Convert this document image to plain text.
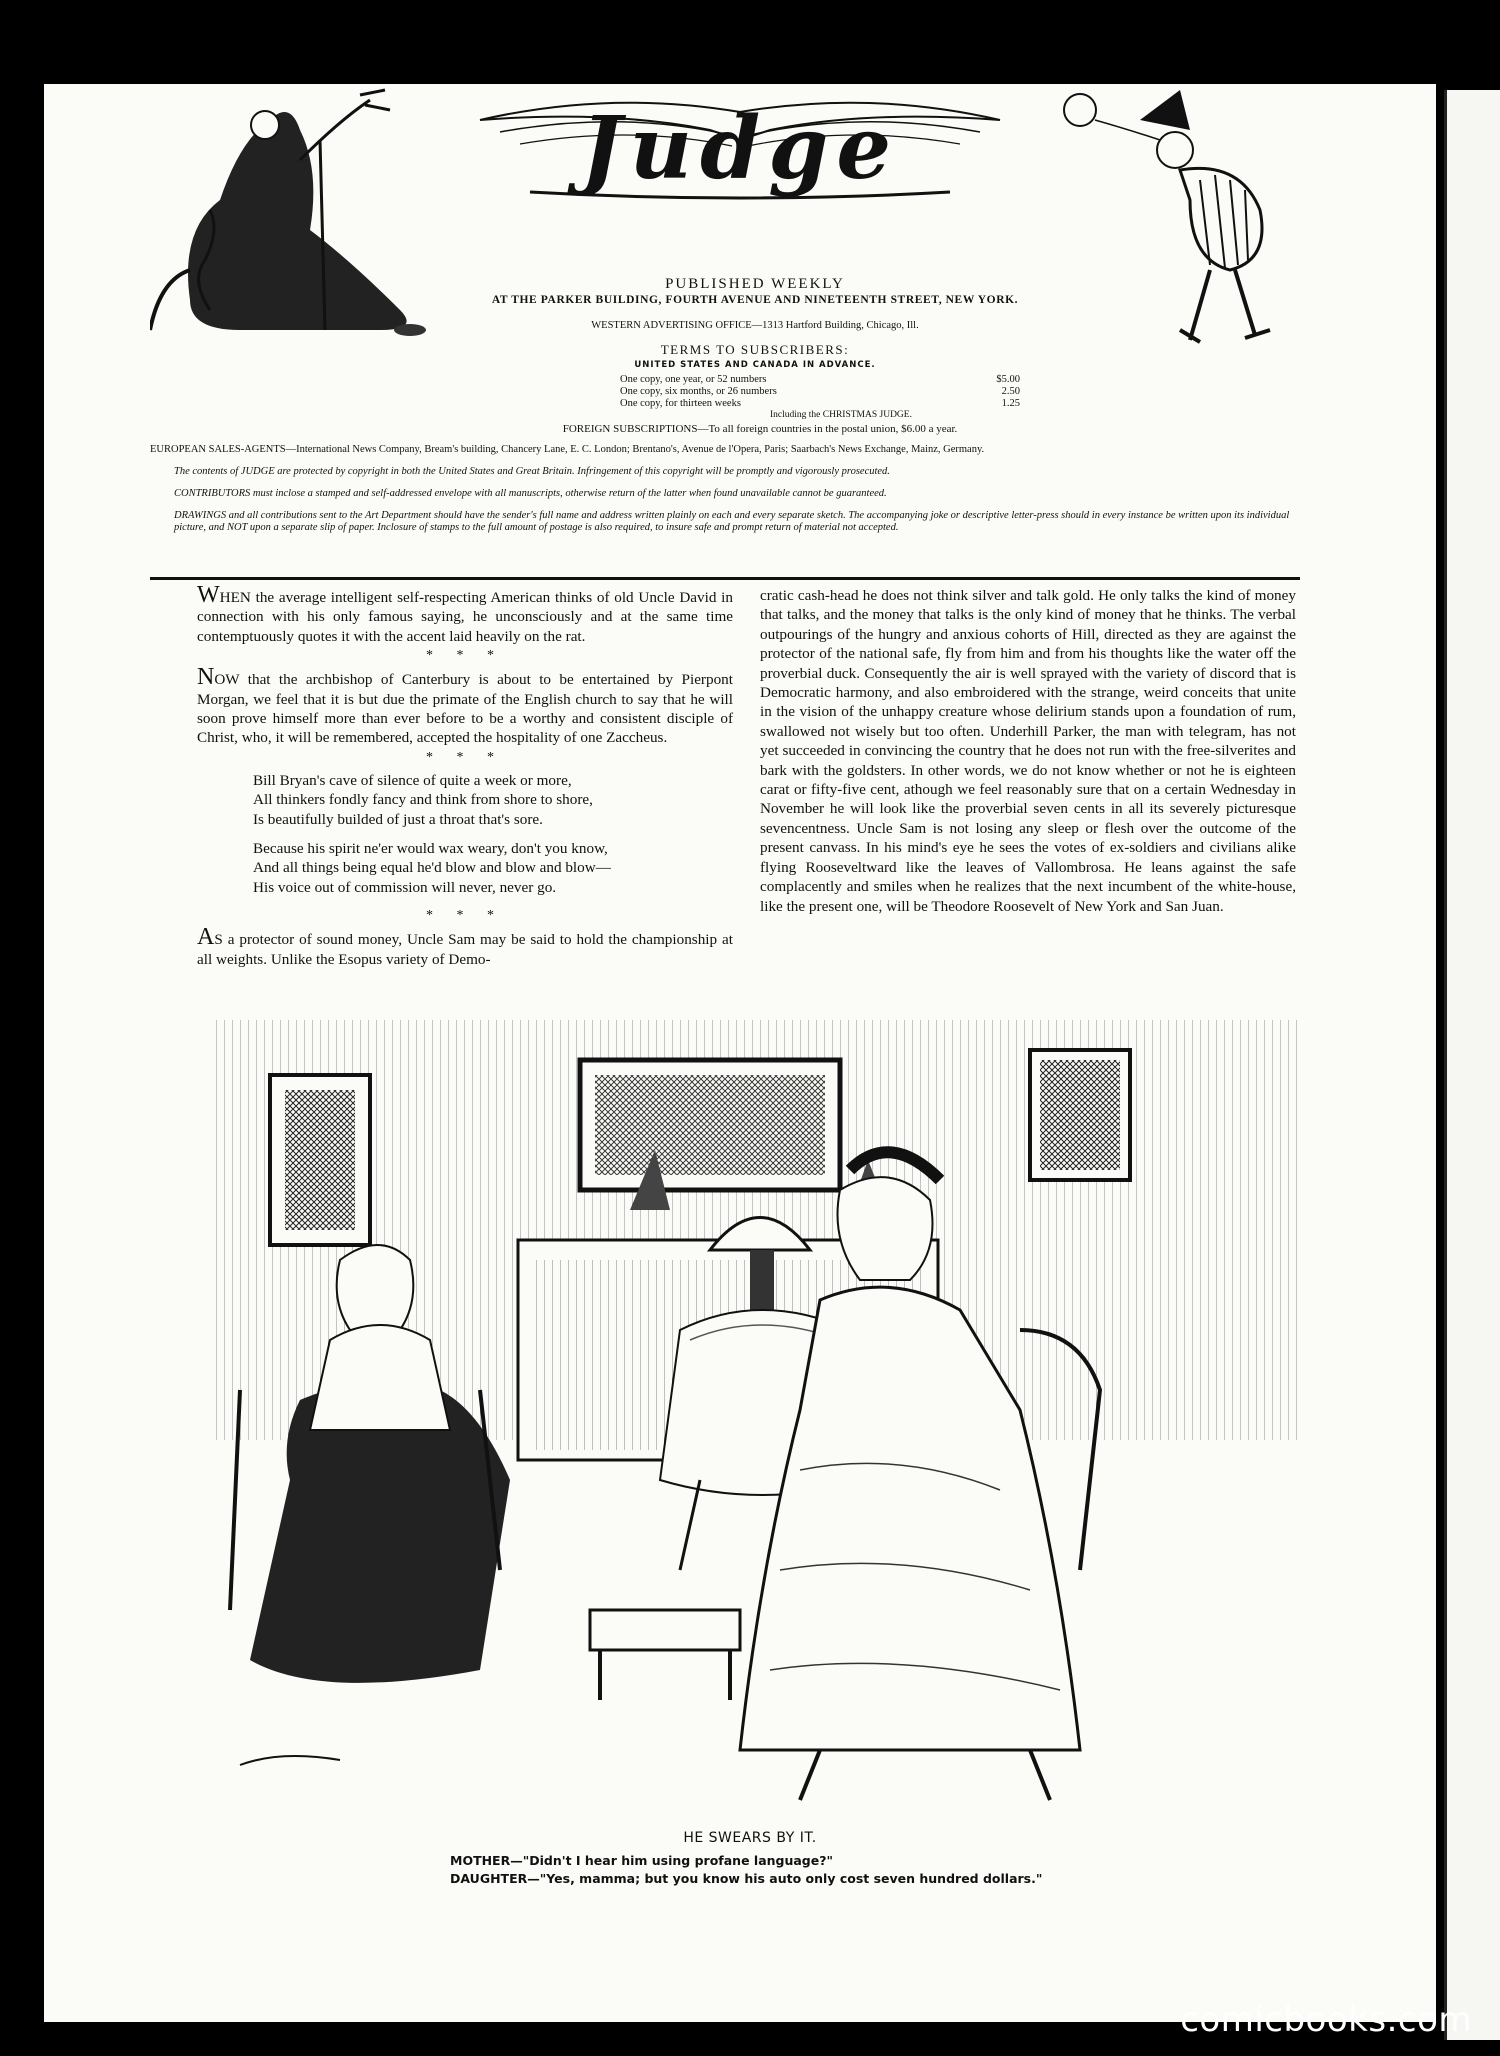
Judge
PUBLISHED WEEKLY
AT THE PARKER BUILDING, FOURTH AVENUE AND NINETEENTH STREET, NEW YORK.
WESTERN ADVERTISING OFFICE—1313 Hartford Building, Chicago, Ill.
TERMS TO SUBSCRIBERS:
UNITED STATES AND CANADA IN ADVANCE.
One copy, one year, or 52 numbers	$5.00
One copy, six months, or 26 numbers	2.50
One copy, for thirteen weeks	1.25
Including the CHRISTMAS JUDGE.
FOREIGN SUBSCRIPTIONS—To all foreign countries in the postal union, $6.00 a year.
EUROPEAN SALES-AGENTS—International News Company, Bream's building, Chancery Lane, E. C. London; Brentano's, Avenue de l'Opera, Paris; Saarbach's News Exchange, Mainz, Germany.
The contents of JUDGE are protected by copyright in both the United States and Great Britain. Infringement of this copyright will be promptly and vigorously prosecuted.
CONTRIBUTORS must inclose a stamped and self-addressed envelope with all manuscripts, otherwise return of the latter when found unavailable cannot be guaranteed.
DRAWINGS and all contributions sent to the Art Department should have the sender's full name and address written plainly on each and every separate sketch. The accompanying joke or descriptive letter-press should in every instance be written upon its individual picture, and NOT upon a separate slip of paper. Inclosure of stamps to the full amount of postage is also required, to insure safe and prompt return of material not accepted.

WHEN the average intelligent self-respecting American thinks of old Uncle David in connection with his only famous saying, he unconsciously and at the same time contemptuously quotes it with the accent laid heavily on the rat.

* * *

NOW that the archbishop of Canterbury is about to be entertained by Pierpont Morgan, we feel that it is but due the primate of the English church to say that he will soon prove himself more than ever before to be a worthy and consistent disciple of Christ, who, it will be remembered, accepted the hospitality of one Zaccheus.

* * *
Bill Bryan's cave of silence of quite a week or more,
All thinkers fondly fancy and think from shore to shore,
Is beautifully builded of just a throat that's sore.
Because his spirit ne'er would wax weary, don't you know,
And all things being equal he'd blow and blow and blow—
His voice out of commission will never, never go.
* * *

AS a protector of sound money, Uncle Sam may be said to hold the championship at all weights. Unlike the Esopus variety of Demo-

cratic cash-head he does not think silver and talk gold. He only talks the kind of money that talks, and the money that talks is the only kind of money that he thinks. The verbal outpourings of the hungry and anxious cohorts of Hill, directed as they are against the protector of the national safe, fly from him and from his thoughts like the water off the proverbial duck. Consequently the air is well sprayed with the variety of discord that is Democratic harmony, and also embroidered with the strange, weird conceits that unite in the vision of the unhappy creature whose delirium stands upon a foundation of rum, swallowed not wisely but too often. Underhill Parker, the man with telegram, has not yet succeeded in convincing the country that he does not run with the free-silverites and bark with the goldsters. In other words, we do not know whether or not he is eighteen carat or fifty-five cent, athough we feel reasonably sure that on a certain Wednesday in November he will look like the proverbial seven cents in all its severely picturesque sevencentness. Uncle Sam is not losing any sleep or flesh over the outcome of the present canvass. In his mind's eye he sees the votes of ex-soldiers and civilians alike flying Rooseveltward like the leaves of Vallombrosa. He leans against the safe complacently and smiles when he realizes that the next incumbent of the white-house, like the present one, will be Theodore Roosevelt of New York and San Juan.

HE SWEARS BY IT.
MOTHER—"Didn't I hear him using profane language?"
DAUGHTER—"Yes, mamma; but you know his auto only cost seven hundred dollars."
comicbooks.com
